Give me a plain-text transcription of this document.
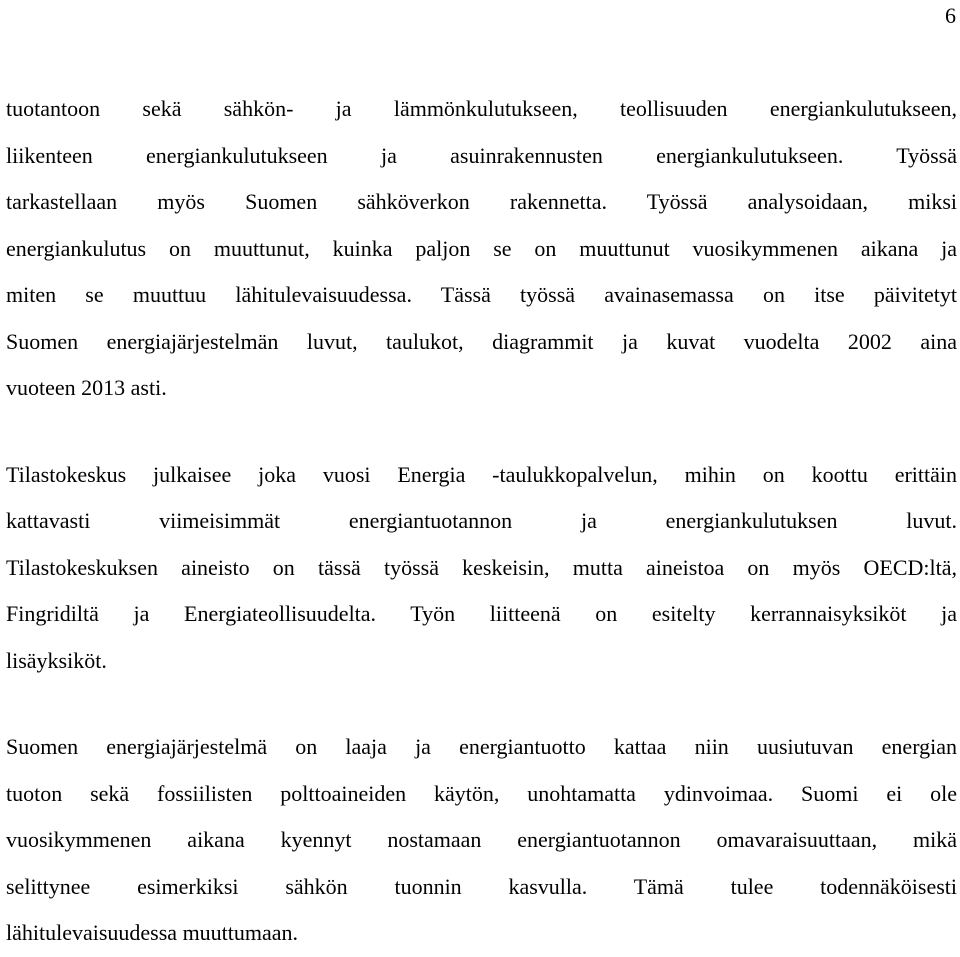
6

tuotantoon sekä sähkön- ja lämmönkulutukseen, teollisuuden energiankulutukseen,
liikenteen energiankulutukseen ja asuinrakennusten energiankulutukseen. Työssä
tarkastellaan myös Suomen sähköverkon rakennetta. Työssä analysoidaan, miksi
energiankulutus on muuttunut, kuinka paljon se on muuttunut vuosikymmenen aikana ja
miten se muuttuu lähitulevaisuudessa. Tässä työssä avainasemassa on itse päivitetyt
Suomen energiajärjestelmän luvut, taulukot, diagrammit ja kuvat vuodelta 2002 aina
vuoteen 2013 asti.

Tilastokeskus julkaisee joka vuosi Energia -taulukkopalvelun, mihin on koottu erittäin
kattavasti viimeisimmät energiantuotannon ja energiankulutuksen luvut.
Tilastokeskuksen aineisto on tässä työssä keskeisin, mutta aineistoa on myös OECD:ltä,
Fingridiltä ja Energiateollisuudelta. Työn liitteenä on esitelty kerrannaisyksiköt ja
lisäyksiköt.

Suomen energiajärjestelmä on laaja ja energiantuotto kattaa niin uusiutuvan energian
tuoton sekä fossiilisten polttoaineiden käytön, unohtamatta ydinvoimaa. Suomi ei ole
vuosikymmenen aikana kyennyt nostamaan energiantuotannon omavaraisuuttaan, mikä
selittynee esimerkiksi sähkön tuonnin kasvulla. Tämä tulee todennäköisesti
lähitulevaisuudessa muuttumaan.
